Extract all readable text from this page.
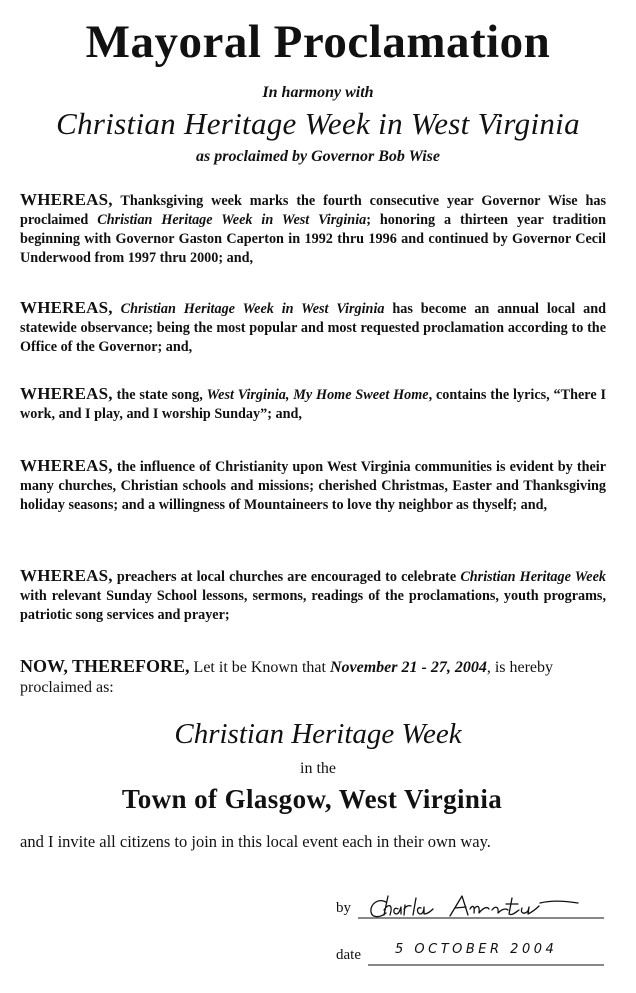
Mayoral Proclamation
In harmony with
Christian Heritage Week in West Virginia
as proclaimed by Governor Bob Wise
WHEREAS, Thanksgiving week marks the fourth consecutive year Governor Wise has proclaimed Christian Heritage Week in West Virginia; honoring a thirteen year tradition beginning with Governor Gaston Caperton in 1992 thru 1996 and continued by Governor Cecil Underwood from 1997 thru 2000; and,
WHEREAS, Christian Heritage Week in West Virginia has become an annual local and statewide observance; being the most popular and most requested proclamation according to the Office of the Governor; and,
WHEREAS, the state song, West Virginia, My Home Sweet Home, contains the lyrics, “There I work, and I play, and I worship Sunday”; and,
WHEREAS, the influence of Christianity upon West Virginia communities is evident by their many churches, Christian schools and missions; cherished Christmas, Easter and Thanksgiving holiday seasons; and a willingness of Mountaineers to love thy neighbor as thyself; and,
WHEREAS, preachers at local churches are encouraged to celebrate Christian Heritage Week with relevant Sunday School lessons, sermons, readings of the proclamations, youth programs, patriotic song services and prayer;
NOW, THEREFORE, Let it be Known that November 21 - 27, 2004, is hereby proclaimed as:
Christian Heritage Week
in the
Town of Glasgow, West Virginia
and I invite all citizens to join in this local event each in their own way.
by
date	5 OCTOBER 2004
